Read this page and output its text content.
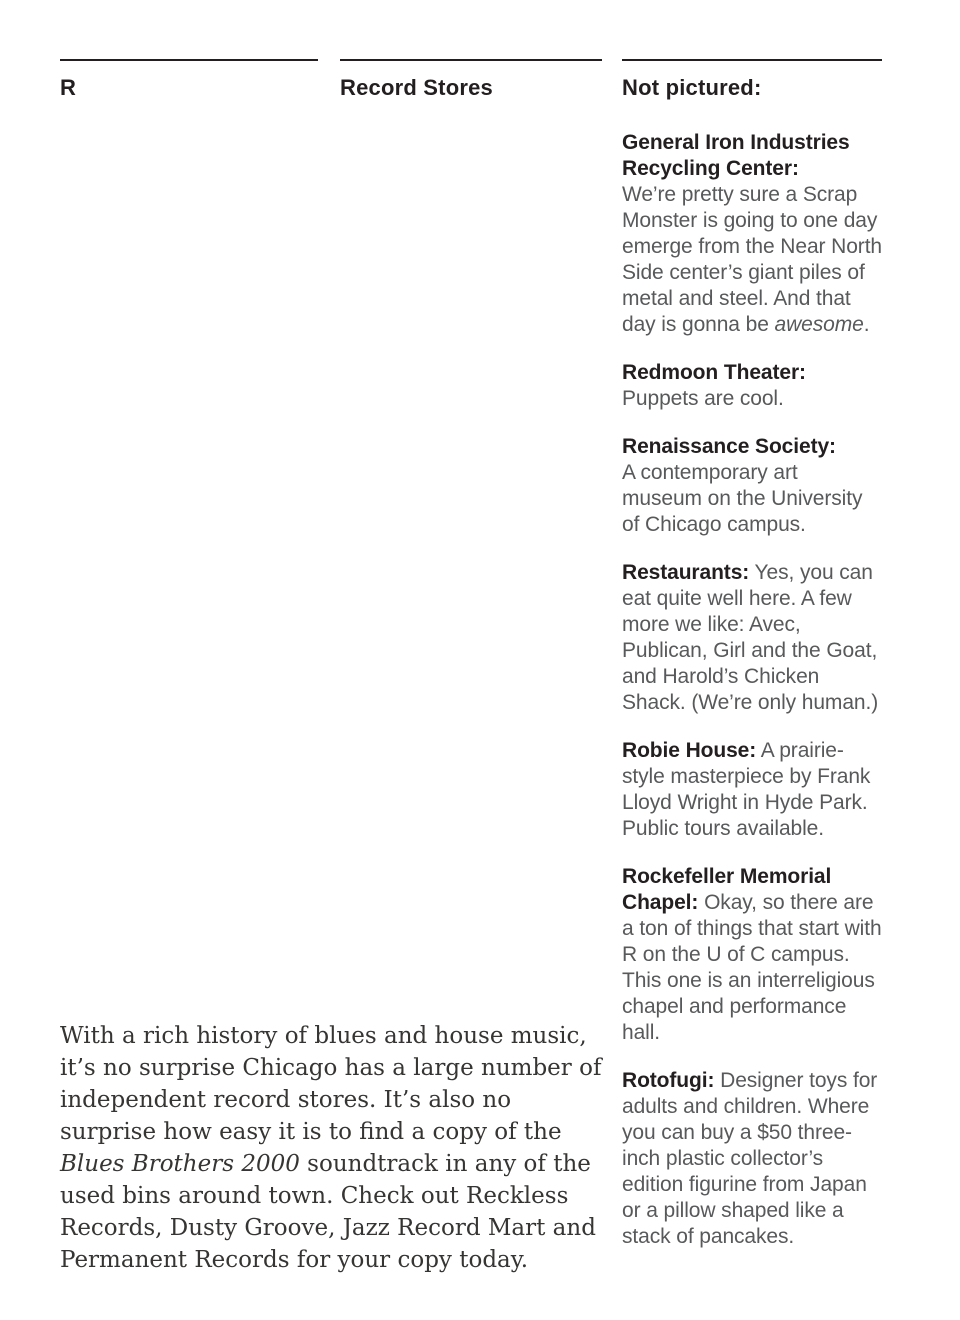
R	Record Stores	Not pictured:

General Iron Industries Recycling Center:
We’re pretty sure a Scrap Monster is going to one day emerge from the Near North Side center’s giant piles of metal and steel. And that day is gonna be awesome.

Redmoon Theater:
Puppets are cool.

Renaissance Society:
A contemporary art museum on the University of Chicago campus.

Restaurants: Yes, you can eat quite well here. A few more we like: Avec, Publican, Girl and the Goat, and Harold’s Chicken Shack. (We’re only human.)

Robie House: A prairie-style masterpiece by Frank Lloyd Wright in Hyde Park. Public tours available.

Rockefeller Memorial Chapel: Okay, so there are a ton of things that start with R on the U of C campus. This one is an interreligious chapel and performance hall.

Rotofugi: Designer toys for adults and children. Where you can buy a $50 three-inch plastic collector’s edition figurine from Japan or a pillow shaped like a stack of pancakes.

With a rich history of blues and house music, it’s no surprise Chicago has a large number of independent record stores. It’s also no surprise how easy it is to find a copy of the Blues Brothers 2000 soundtrack in any of the used bins around town. Check out Reckless Records, Dusty Groove, Jazz Record Mart and Permanent Records for your copy today.
